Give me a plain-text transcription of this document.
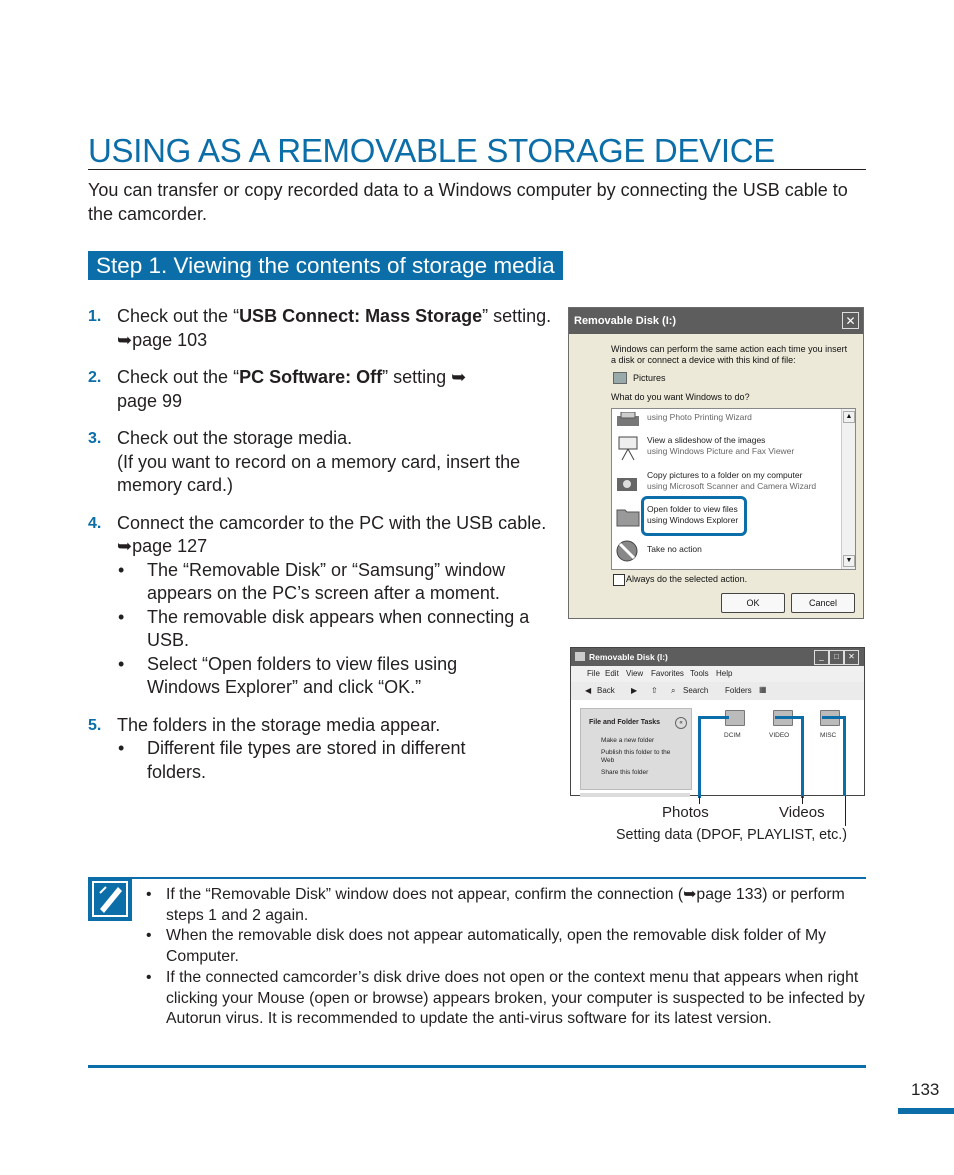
USING AS A REMOVABLE STORAGE DEVICE
You can transfer or copy recorded data to a Windows computer by connecting the USB cable to the camcorder.
Step 1. Viewing the contents of storage media
1. Check out the “USB Connect: Mass Storage” setting. ➥page 103
2. Check out the “PC Software: Off” setting ➥ page 99
3. Check out the storage media.
(If you want to record on a memory card, insert the memory card.)
4. Connect the camcorder to the PC with the USB cable. ➥page 127
• The “Removable Disk” or “Samsung” window appears on the PC’s screen after a moment.
• The removable disk appears when connecting a USB.
• Select “Open folders to view files using Windows Explorer” and click “OK.”
5. The folders in the storage media appear.
• Different file types are stored in different folders.
Removable Disk (I:)	✕
Windows can perform the same action each time you insert
a disk or connect a device with this kind of file:
Pictures
What do you want Windows to do?
using Photo Printing Wizard
View a slideshow of the images
using Windows Picture and Fax Viewer
Copy pictures to a folder on my computer
using Microsoft Scanner and Camera Wizard
Open folder to view files
using Windows Explorer
Take no action
▲
▼
Always do the selected action.
OK	Cancel
Removable Disk (I:)	_	□	✕
File Edit View Favorites Tools Help
◀ Back ▶ ⇧ ⌕ Search Folders ▦
File and Folder Tasks	«
Make a new folder
Publish this folder to the Web
Share this folder
DCIM	VIDEO	MISC
Photos	Videos
Setting data (DPOF, PLAYLIST, etc.)
• If the “Removable Disk” window does not appear, confirm the connection (➥page 133) or perform steps 1 and 2 again.
• When the removable disk does not appear automatically, open the removable disk folder of My Computer.
• If the connected camcorder’s disk drive does not open or the context menu that appears when right clicking your Mouse (open or browse) appears broken, your computer is suspected to be infected by Autorun virus. It is recommended to update the anti-virus software for its latest version.
133
